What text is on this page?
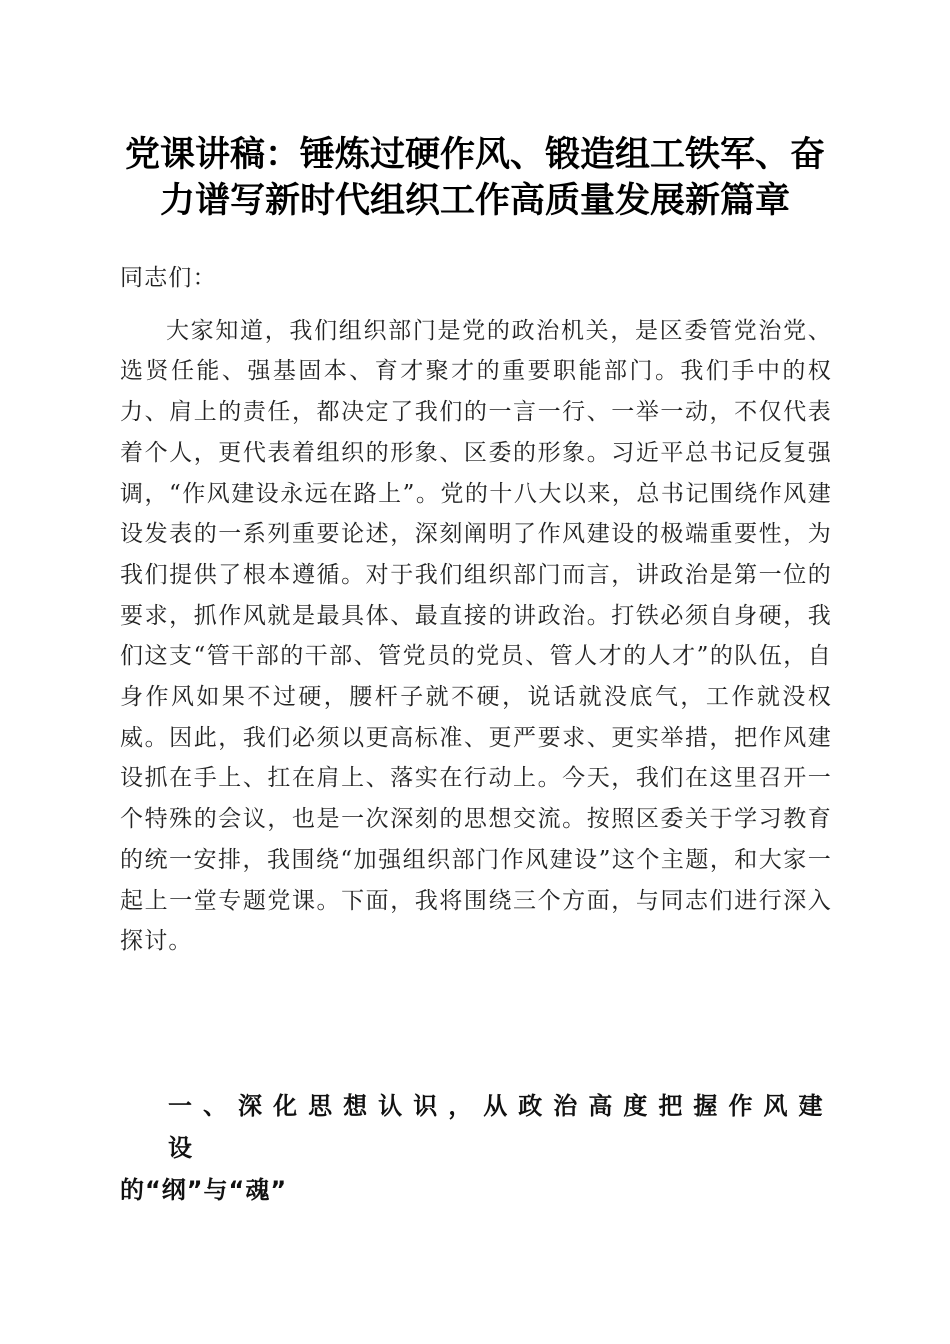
党课讲稿：锤炼过硬作风、锻造组工铁军、奋
力谱写新时代组织工作高质量发展新篇章

同志们：

大家知道，我们组织部门是党的政治机关，是区委管党治党、选贤任能、强基固本、育才聚才的重要职能部门。我们手中的权力、肩上的责任，都决定了我们的一言一行、一举一动，不仅代表着个人，更代表着组织的形象、区委的形象。习近平总书记反复强调，“作风建设永远在路上”。党的十八大以来，总书记围绕作风建设发表的一系列重要论述，深刻阐明了作风建设的极端重要性，为我们提供了根本遵循。对于我们组织部门而言，讲政治是第一位的要求，抓作风就是最具体、最直接的讲政治。打铁必须自身硬，我们这支“管干部的干部、管党员的党员、管人才的人才”的队伍，自身作风如果不过硬，腰杆子就不硬，说话就没底气，工作就没权威。因此，我们必须以更高标准、更严要求、更实举措，把作风建设抓在手上、扛在肩上、落实在行动上。今天，我们在这里召开一个特殊的会议，也是一次深刻的思想交流。按照区委关于学习教育的统一安排，我围绕“加强组织部门作风建设”这个主题，和大家一起上一堂专题党课。下面，我将围绕三个方面，与同志们进行深入探讨。

一、深化思想认识，从政治高度把握作风建设
的“纲”与“魂”
